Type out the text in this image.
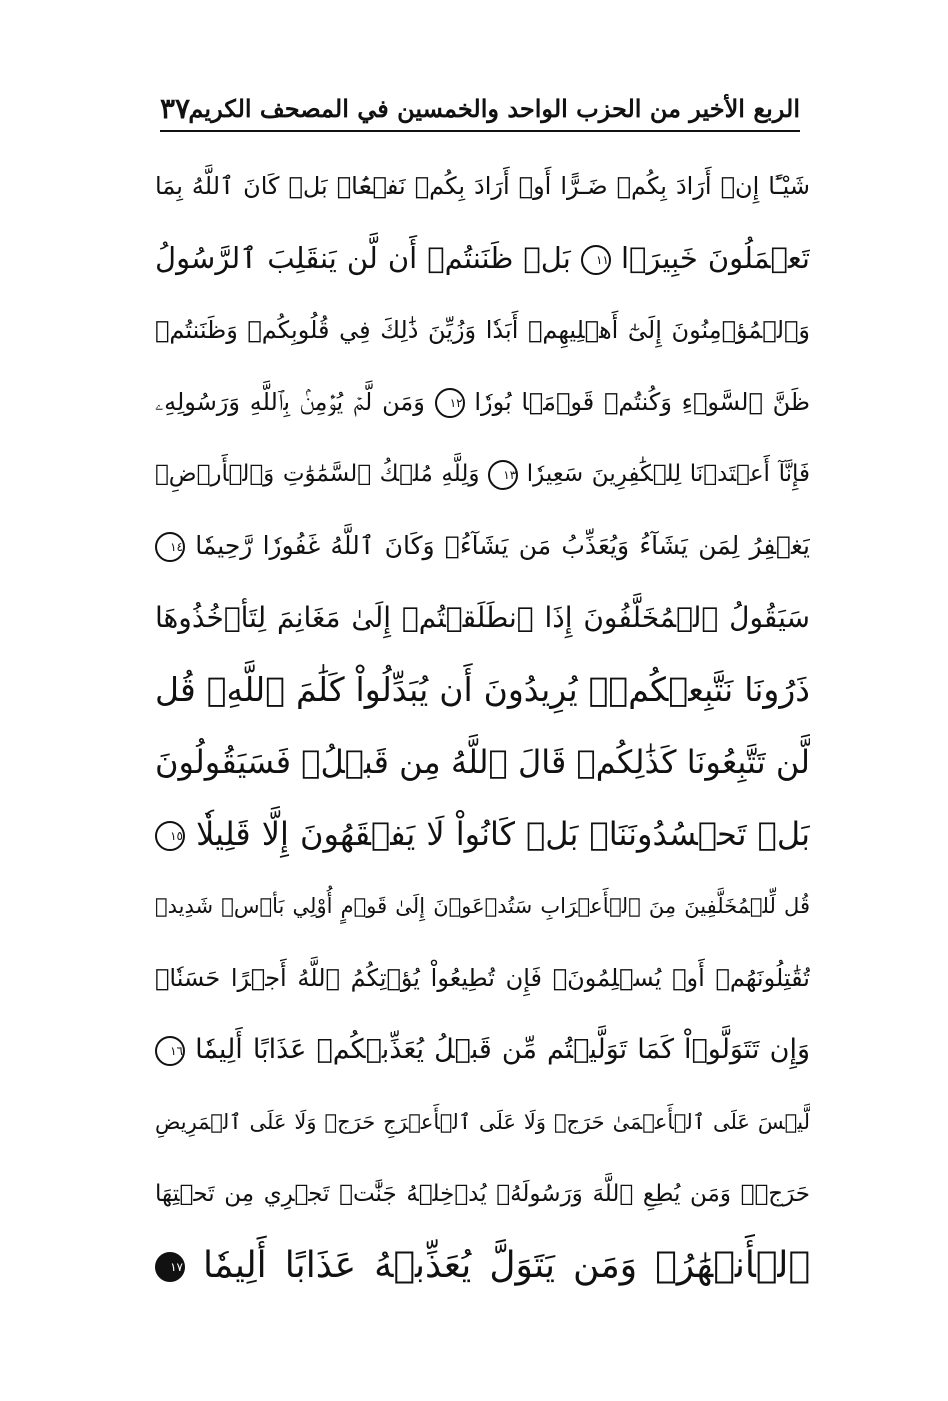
الربع الأخير من الحزب الواحد والخمسين في المصحف الكريم
٣٧
شَيْـًٔا إِنۡ أَرَادَ بِكُمۡ ضَـرًّا أَوۡ أَرَادَ بِكُمۡ نَفۡعَۢاۚ بَلۡ كَانَ ٱللَّهُ بِمَا
تَعۡمَلُونَ خَبِيرَۢا ١١ بَلۡ ظَنَنتُمۡ أَن لَّن يَنقَلِبَ ٱلرَّسُولُ
وَٱلۡمُؤۡمِنُونَ إِلَىٰٓ أَهۡلِيهِمۡ أَبَدٗا وَزُيِّنَ ذَٰلِكَ فِي قُلُوبِكُمۡ وَظَنَنتُمۡ
ظَنَّ ٱلسَّوۡءِ وَكُنتُمۡ قَوۡمَۢا بُورٗا ١٢ وَمَن لَّمۡ يُؤۡمِنۢ بِٱللَّهِ وَرَسُولِهِۦ
فَإِنَّآ أَعۡتَدۡنَا لِلۡكَٰفِرِينَ سَعِيرٗا ١٣ وَلِلَّهِ مُلۡكُ ٱلسَّمَٰوَٰتِ وَٱلۡأَرۡضِۚ
يَغۡفِرُ لِمَن يَشَآءُ وَيُعَذِّبُ مَن يَشَآءُۚ وَكَانَ ٱللَّهُ غَفُورٗا رَّحِيمٗا ١٤
سَيَقُولُ ٱلۡمُخَلَّفُونَ إِذَا ٱنطَلَقۡتُمۡ إِلَىٰ مَغَانِمَ لِتَأۡخُذُوهَا
ذَرُونَا نَتَّبِعۡكُمۡۖ يُرِيدُونَ أَن يُبَدِّلُواْ كَلَٰمَ ٱللَّهِۚ قُل
لَّن تَتَّبِعُونَا كَذَٰلِكُمۡ قَالَ ٱللَّهُ مِن قَبۡلُۖ فَسَيَقُولُونَ
بَلۡ تَحۡسُدُونَنَاۚ بَلۡ كَانُواْ لَا يَفۡقَهُونَ إِلَّا قَلِيلٗا ١٥
قُل لِّلۡمُخَلَّفِينَ مِنَ ٱلۡأَعۡرَابِ سَتُدۡعَوۡنَ إِلَىٰ قَوۡمٍ أُوْلِي بَأۡسٖ شَدِيدٖ
تُقَٰتِلُونَهُمۡ أَوۡ يُسۡلِمُونَۖ فَإِن تُطِيعُواْ يُؤۡتِكُمُ ٱللَّهُ أَجۡرًا حَسَنٗاۖ
وَإِن تَتَوَلَّوۡاْ كَمَا تَوَلَّيۡتُم مِّن قَبۡلُ يُعَذِّبۡكُمۡ عَذَابًا أَلِيمٗا ١٦
لَّيۡسَ عَلَى ٱلۡأَعۡمَىٰ حَرَجٞ وَلَا عَلَى ٱلۡأَعۡرَجِ حَرَجٞ وَلَا عَلَى ٱلۡمَرِيضِ
حَرَجٞۗ وَمَن يُطِعِ ٱللَّهَ وَرَسُولَهُۥ يُدۡخِلۡهُ جَنَّٰتٖ تَجۡرِي مِن تَحۡتِهَا
ٱلۡأَنۡهَٰرُۖ وَمَن يَتَوَلَّ يُعَذِّبۡهُ عَذَابًا أَلِيمٗا ١٧
